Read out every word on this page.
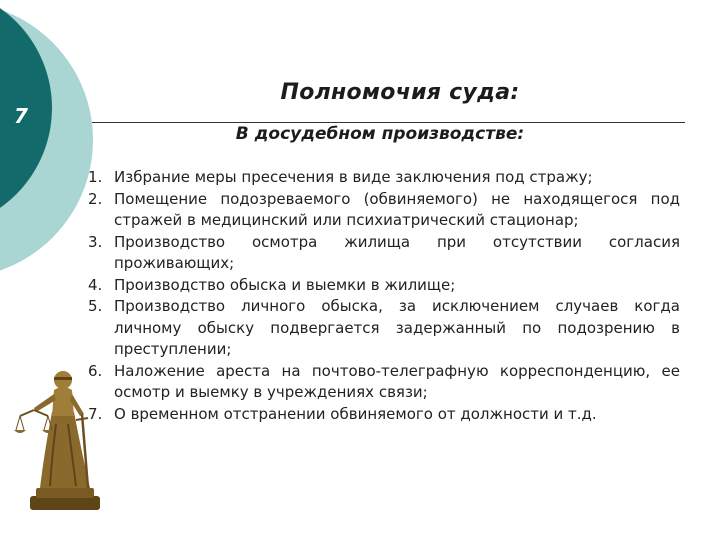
7
Полномочия суда:
В досудебном производстве:
1. Избрание меры пресечения в виде заключения под стражу;
2. Помещение подозреваемого (обвиняемого) не находящегося под стражей в медицинский или психиатрический стационар;
3. Производство осмотра жилища при отсутствии согласия проживающих;
4. Производство обыска и выемки в жилище;
5. Производство личного обыска, за исключением случаев когда личному обыску подвергается задержанный по подозрению в преступлении;
6. Наложение ареста на почтово-телеграфную корреспонденцию, ее осмотр и выемку в учреждениях связи;
7. О временном отстранении обвиняемого от должности и т.д.
